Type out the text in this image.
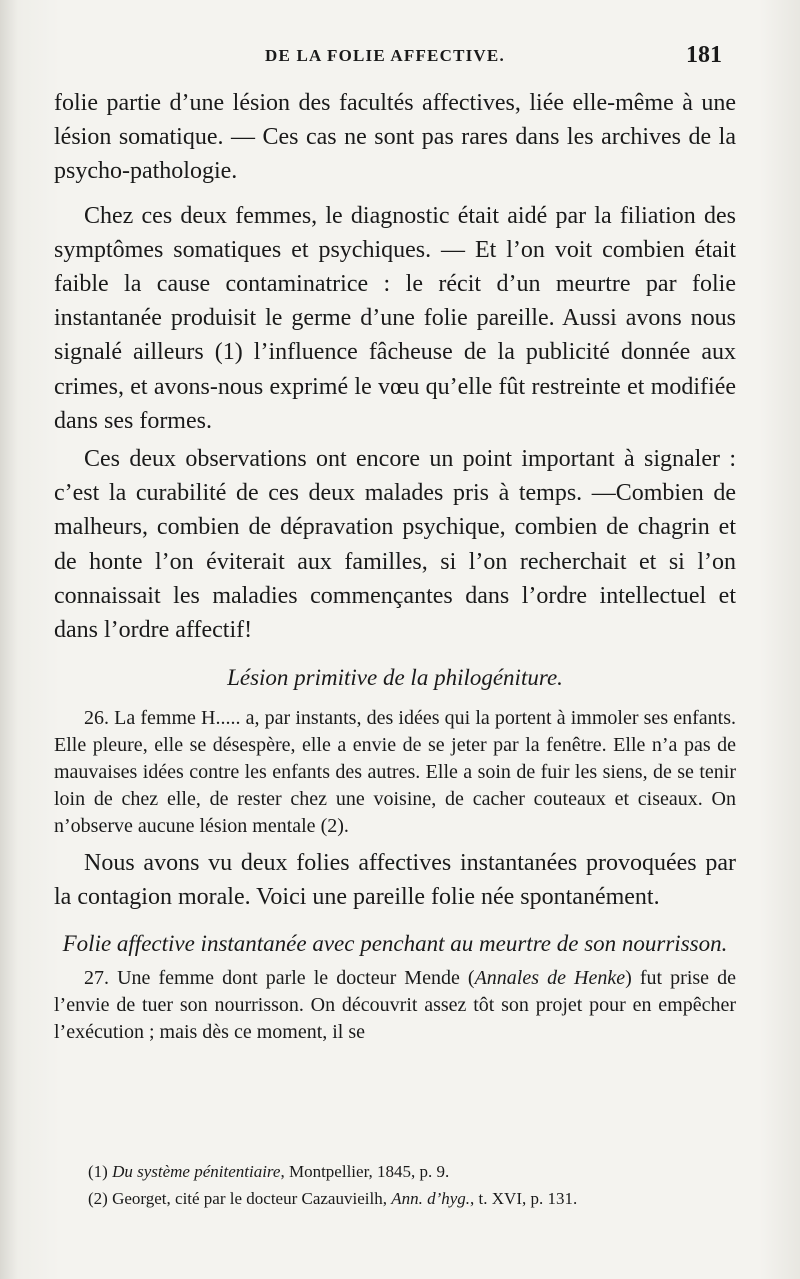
DE LA FOLIE AFFECTIVE.	181

folie partie d’une lésion des facultés affectives, liée elle-même à une lésion somatique. — Ces cas ne sont pas rares dans les archives de la psycho-pathologie.

Chez ces deux femmes, le diagnostic était aidé par la filiation des symptômes somatiques et psychiques. — Et l’on voit combien était faible la cause contaminatrice : le récit d’un meurtre par folie instantanée produisit le germe d’une folie pareille. Aussi avons nous signalé ailleurs (1) l’influence fâcheuse de la publicité donnée aux crimes, et avons-nous exprimé le vœu qu’elle fût restreinte et modifiée dans ses formes.

Ces deux observations ont encore un point important à signaler : c’est la curabilité de ces deux malades pris à temps. —Combien de malheurs, combien de dépravation psychique, combien de chagrin et de honte l’on éviterait aux familles, si l’on recherchait et si l’on connaissait les maladies commençantes dans l’ordre intellectuel et dans l’ordre affectif!

Lésion primitive de la philogéniture.

26. La femme H..... a, par instants, des idées qui la portent à immoler ses enfants. Elle pleure, elle se désespère, elle a envie de se jeter par la fenêtre. Elle n’a pas de mauvaises idées contre les enfants des autres. Elle a soin de fuir les siens, de se tenir loin de chez elle, de rester chez une voisine, de cacher couteaux et ciseaux. On n’observe aucune lésion mentale (2).

Nous avons vu deux folies affectives instantanées provoquées par la contagion morale. Voici une pareille folie née spontanément.

Folie affective instantanée avec penchant au meurtre de son nourrisson.

27. Une femme dont parle le docteur Mende (Annales de Henke) fut prise de l’envie de tuer son nourrisson. On découvrit assez tôt son projet pour en empêcher l’exécution ; mais dès ce moment, il se

(1) Du système pénitentiaire, Montpellier, 1845, p. 9.

(2) Georget, cité par le docteur Cazauvieilh, Ann. d’hyg., t. XVI, p. 131.
